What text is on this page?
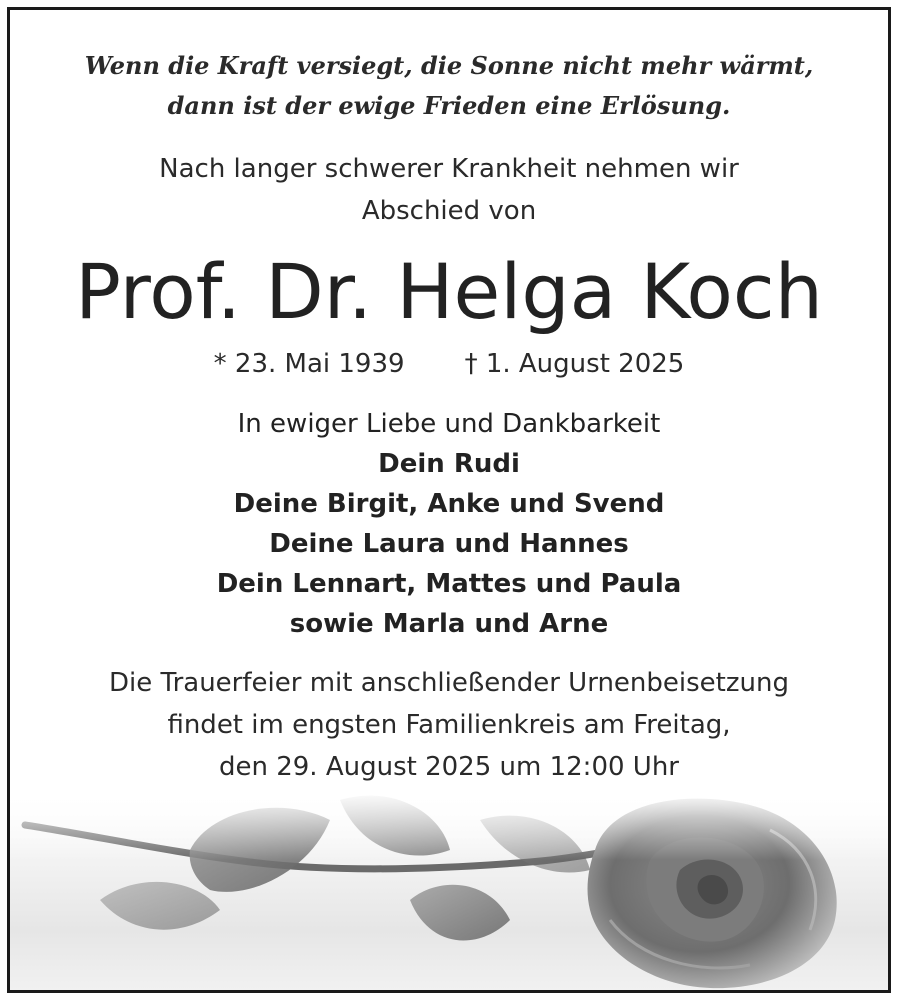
Wenn die Kraft versiegt, die Sonne nicht mehr wärmt,
dann ist der ewige Frieden eine Erlösung.
Nach langer schwerer Krankheit nehmen wir
Abschied von
Prof. Dr. Helga Koch
* 23. Mai 1939 † 1. August 2025
In ewiger Liebe und Dankbarkeit
Dein Rudi
Deine Birgit, Anke und Svend
Deine Laura und Hannes
Dein Lennart, Mattes und Paula
sowie Marla und Arne
Die Trauerfeier mit anschließender Urnenbeisetzung
findet im engsten Familienkreis am Freitag,
den 29. August 2025 um 12:00 Uhr
